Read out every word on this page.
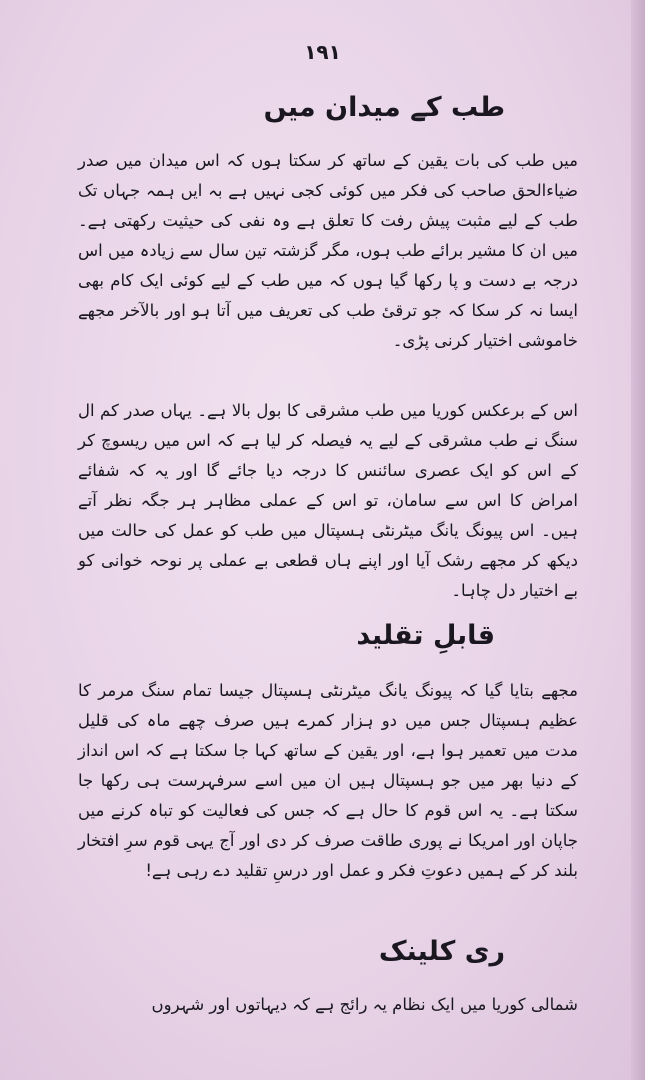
۱۹۱
طب کے میدان میں

میں طب کی بات یقین کے ساتھ کر سکتا ہوں کہ اس میدان میں صدر ضیاءالحق صاحب کی فکر میں کوئی کجی نہیں ہے بہ ایں ہمہ جہاں تک طب کے لیے مثبت پیش رفت کا تعلق ہے وہ نفی کی حیثیت رکھتی ہے۔ میں ان کا مشیر برائے طب ہوں، مگر گزشتہ تین سال سے زیادہ میں اس درجہ بے دست و پا رکھا گیا ہوں کہ میں طب کے لیے کوئی ایک کام بھی ایسا نہ کر سکا کہ جو ترقیٔ طب کی تعریف میں آتا ہو اور بالآخر مجھے خاموشی اختیار کرنی پڑی۔

اس کے برعکس کوریا میں طب مشرقی کا بول بالا ہے۔ یہاں صدر کم ال سنگ نے طب مشرقی کے لیے یہ فیصلہ کر لیا ہے کہ اس میں ریسوچ کر کے اس کو ایک عصری سائنس کا درجہ دیا جائے گا اور یہ کہ شفائے امراض کا اس سے سامان، تو اس کے عملی مظاہر ہر جگہ نظر آتے ہیں۔ اس پیونگ یانگ میٹرنٹی ہسپتال میں طب کو عمل کی حالت میں دیکھ کر مجھے رشک آیا اور اپنے ہاں قطعی بے عملی پر نوحہ خوانی کو بے اختیار دل چاہا۔

قابلِ تقلید

مجھے بتایا گیا کہ پیونگ یانگ میٹرنٹی ہسپتال جیسا تمام سنگ مرمر کا عظیم ہسپتال جس میں دو ہزار کمرے ہیں صرف چھے ماہ کی قلیل مدت میں تعمیر ہوا ہے، اور یقین کے ساتھ کہا جا سکتا ہے کہ اس انداز کے دنیا بھر میں جو ہسپتال ہیں ان میں اسے سرفہرست ہی رکھا جا سکتا ہے۔ یہ اس قوم کا حال ہے کہ جس کی فعالیت کو تباہ کرنے میں جاپان اور امریکا نے پوری طاقت صرف کر دی اور آج یہی قوم سرِ افتخار بلند کر کے ہمیں دعوتِ فکر و عمل اور درسِ تقلید دے رہی ہے!

ری کلینک

شمالی کوریا میں ایک نظام یہ رائج ہے کہ دیہاتوں اور شہروں
